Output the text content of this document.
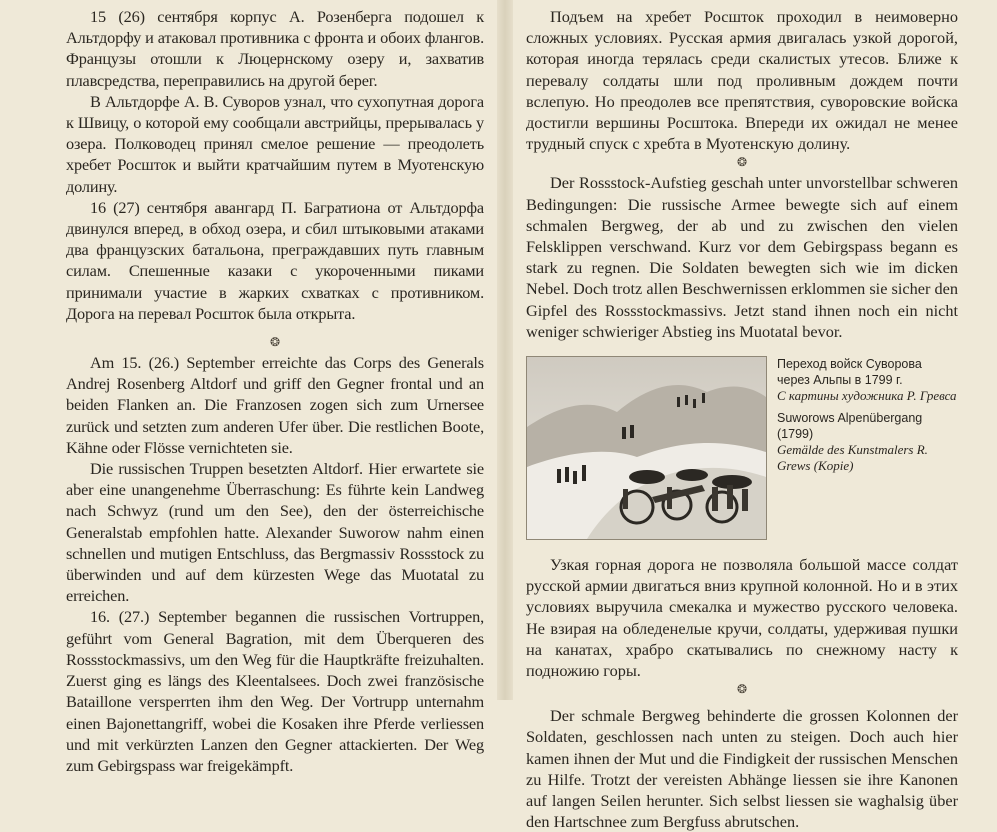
15 (26) сентября корпус А. Розенберга подошел к Альтдорфу и атаковал противника с фронта и обоих флангов. Французы отошли к Люцернскому озеру и, захватив плавсредства, переправились на другой берег.

В Альтдорфе А. В. Суворов узнал, что сухопутная дорога к Швицу, о которой ему сообщали австрийцы, прерывалась у озера. Полководец принял смелое решение — преодолеть хребет Росшток и выйти кратчайшим путем в Муотенскую долину.

16 (27) сентября авангард П. Багратиона от Альтдорфа двинулся вперед, в обход озера, и сбил штыковыми атаками два французских батальона, преграждавших путь главным силам. Спешенные казаки с укороченными пиками принимали участие в жарких схватках с противником. Дорога на перевал Росшток была открыта.

❂

Am 15. (26.) September erreichte das Corps des Generals Andrej Rosenberg Altdorf und griff den Gegner frontal und an beiden Flanken an. Die Franzosen zogen sich zum Urnersee zurück und setzten zum anderen Ufer über. Die restlichen Boote, Kähne oder Flösse vernichteten sie.

Die russischen Truppen besetzten Altdorf. Hier erwartete sie aber eine unangenehme Überraschung: Es führte kein Landweg nach Schwyz (rund um den See), den der österreichische Generalstab empfohlen hatte. Alexander Suworow nahm einen schnellen und mutigen Entschluss, das Bergmassiv Rossstock zu überwinden und auf dem kürzesten Wege das Muotatal zu erreichen.

16. (27.) September begannen die russischen Vortruppen, geführt vom General Bagration, mit dem Überqueren des Rossstockmassivs, um den Weg für die Hauptkräfte freizuhalten. Zuerst ging es längs des Kleentalsees. Doch zwei französische Bataillone versperrten ihm den Weg. Der Vortrupp unternahm einen Bajonettangriff, wobei die Kosaken ihre Pferde verliessen und mit verkürzten Lanzen den Gegner attackierten. Der Weg zum Gebirgspass war freigekämpft.

Подъем на хребет Росшток проходил в неимоверно сложных условиях. Русская армия двигалась узкой дорогой, которая иногда терялась среди скалистых утесов. Ближе к перевалу солдаты шли под проливным дождем почти вслепую. Но преодолев все препятствия, суворовские войска достигли вершины Росштока. Впереди их ожидал не менее трудный спуск с хребта в Муотенскую долину.

❂

Der Rossstock-Aufstieg geschah unter unvorstellbar schweren Bedingungen: Die russische Armee bewegte sich auf einem schmalen Bergweg, der ab und zu zwischen den vielen Felsklippen verschwand. Kurz vor dem Gebirgspass begann es stark zu regnen. Die Soldaten bewegten sich wie im dicken Nebel. Doch trotz allen Beschwernissen erklommen sie sicher den Gipfel des Rossstockmassivs. Jetzt stand ihnen noch ein nicht weniger schwieriger Abstieg ins Muotatal bevor.

Переход войск Суворова через Альпы в 1799 г.
С картины художника Р. Гревса
Suworows Alpenübergang (1799)
Gemälde des Kunstmalers R. Grews (Kopie)

Узкая горная дорога не позволяла большой массе солдат русской армии двигаться вниз крупной колонной. Но и в этих условиях выручила смекалка и мужество русского человека. Не взирая на обледенелые кручи, солдаты, удерживая пушки на канатах, храбро скатывались по снежному насту к подножию горы.

❂

Der schmale Bergweg behinderte die grossen Kolonnen der Soldaten, geschlossen nach unten zu steigen. Doch auch hier kamen ihnen der Mut und die Findigkeit der russischen Menschen zu Hilfe. Trotzt der vereisten Abhänge liessen sie ihre Kanonen auf langen Seilen herunter. Sich selbst liessen sie waghalsig über den Hartschnee zum Bergfuss abrutschen.
